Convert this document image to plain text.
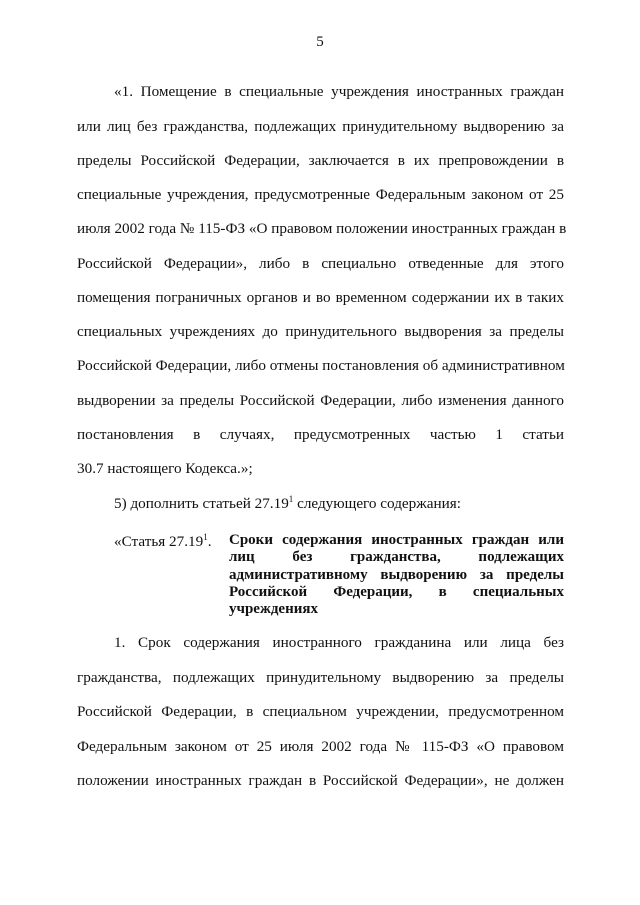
5
«1. Помещение в специальные учреждения иностранных граждан
или лиц без гражданства, подлежащих принудительному выдворению за
пределы Российской Федерации, заключается в их препровождении в
специальные учреждения, предусмотренные Федеральным законом от 25
июля 2002 года № 115-ФЗ «О правовом положении иностранных граждан в
Российской Федерации», либо в специально отведенные для этого
помещения пограничных органов и во временном содержании их в таких
специальных учреждениях до принудительного выдворения за пределы
Российской Федерации, либо отмены постановления об административном
выдворении за пределы Российской Федерации, либо изменения данного
постановления в случаях, предусмотренных частью 1 статьи
30.7 настоящего Кодекса.»;
5) дополнить статьей 27.19$^1$ следующего содержания:
«Статья 27.19$^1$. Сроки содержания иностранных граждан или
лиц без гражданства, подлежащих
административному выдворению за пределы
Российской Федерации, в специальных
учреждениях
1. Срок содержания иностранного гражданина или лица без
гражданства, подлежащих принудительному выдворению за пределы
Российской Федерации, в специальном учреждении, предусмотренном
Федеральным законом от 25 июля 2002 года № 115-ФЗ «О правовом
положении иностранных граждан в Российской Федерации», не должен
